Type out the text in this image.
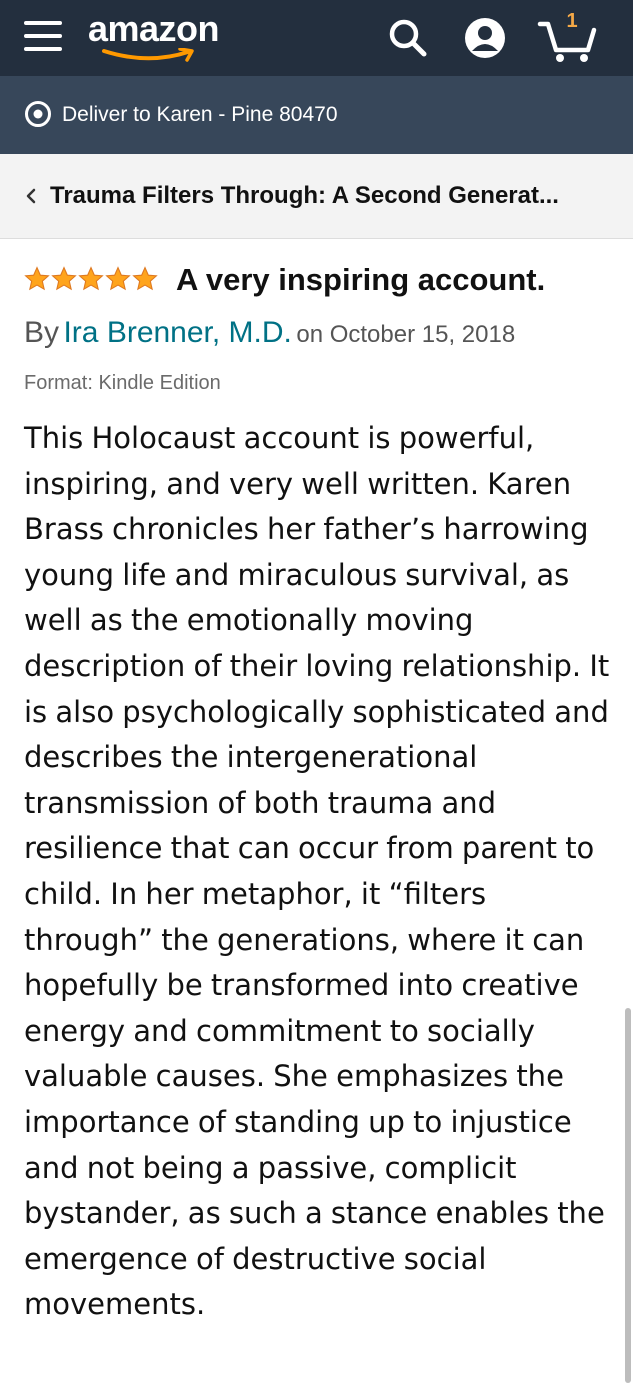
amazon	1
Deliver to Karen - Pine 80470
Trauma Filters Through: A Second Generat...
A very inspiring account.
By Ira Brenner, M.D. on October 15, 2018
Format: Kindle Edition
This Holocaust account is powerful, inspiring, and very well written. Karen Brass chronicles her father’s harrowing young life and miraculous survival, as well as the emotionally moving description of their loving relationship. It is also psychologically sophisticated and describes the intergenerational transmission of both trauma and resilience that can occur from parent to child. In her metaphor, it “filters through” the generations, where it can hopefully be transformed into creative energy and commitment to socially valuable causes. She emphasizes the importance of standing up to injustice and not being a passive, complicit bystander, as such a stance enables the emergence of destructive social movements.
